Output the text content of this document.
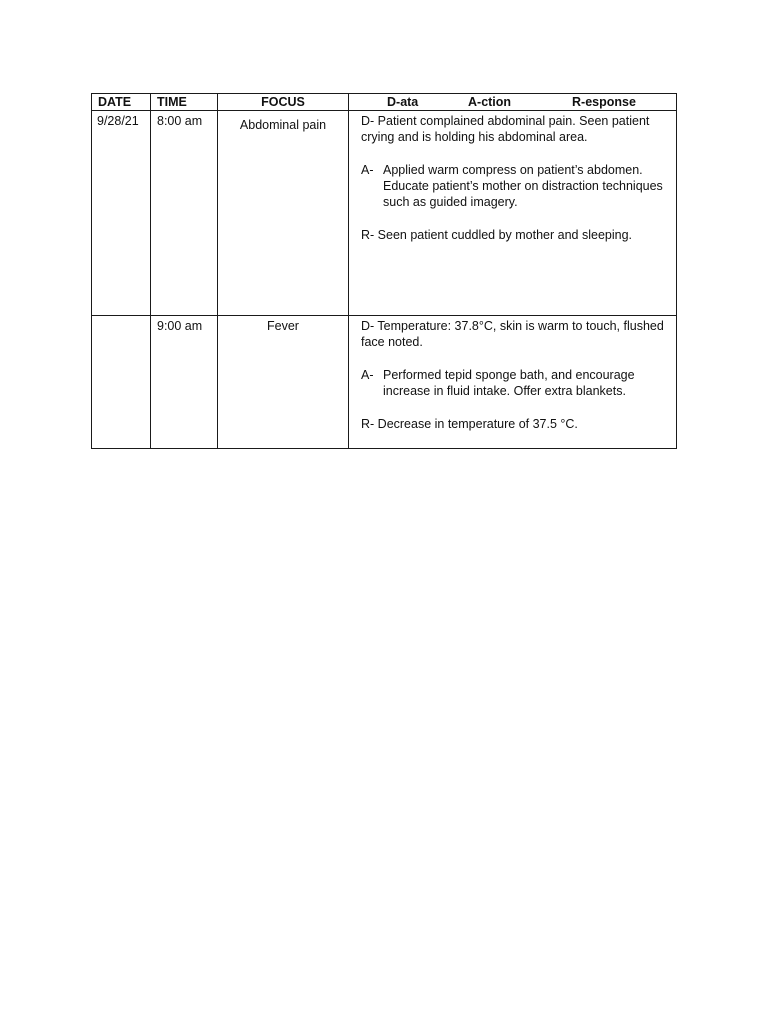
DATE	TIME	FOCUS	D-ata A-ction R-esponse

9/28/21	8:00 am	Abdominal pain	D- Patient complained abdominal pain. Seen patient crying and is holding his abdominal area.

A- Applied warm compress on patient’s abdomen. Educate patient’s mother on distraction techniques such as guided imagery.

R- Seen patient cuddled by mother and sleeping.

	9:00 am	Fever	D- Temperature: 37.8°C, skin is warm to touch, flushed face noted.

A- Performed tepid sponge bath, and encourage increase in fluid intake. Offer extra blankets.

R- Decrease in temperature of 37.5 °C.
